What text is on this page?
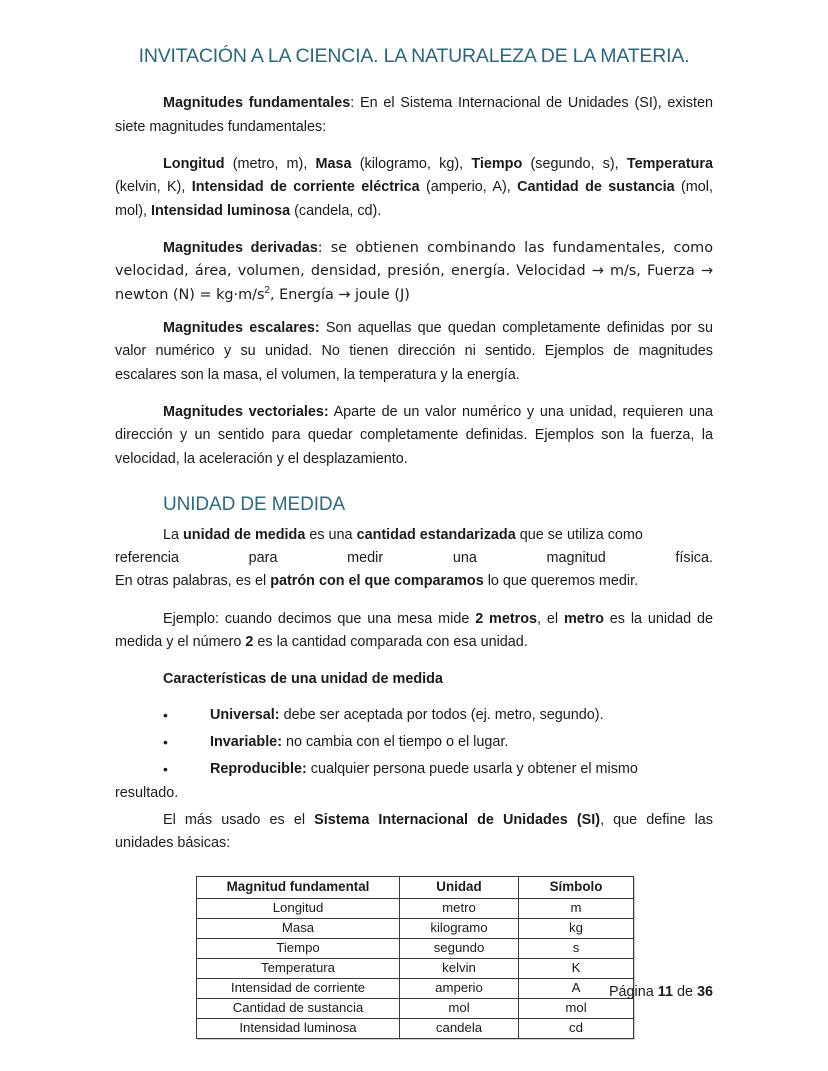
INVITACIÓN A LA CIENCIA. LA NATURALEZA DE LA MATERIA.

Magnitudes fundamentales: En el Sistema Internacional de Unidades (SI), existen siete magnitudes fundamentales:

Longitud (metro, m), Masa (kilogramo, kg), Tiempo (segundo, s), Temperatura (kelvin, K), Intensidad de corriente eléctrica (amperio, A), Cantidad de sustancia (mol, mol), Intensidad luminosa (candela, cd).

Magnitudes derivadas: se obtienen combinando las fundamentales, como velocidad, área, volumen, densidad, presión, energía. Velocidad → m/s, Fuerza → newton $(N) = kg\cdot m/s^2$, Energía → joule (J)

Magnitudes escalares: Son aquellas que quedan completamente definidas por su valor numérico y su unidad. No tienen dirección ni sentido. Ejemplos de magnitudes escalares son la masa, el volumen, la temperatura y la energía.

Magnitudes vectoriales: Aparte de un valor numérico y una unidad, requieren una dirección y un sentido para quedar completamente definidas. Ejemplos son la fuerza, la velocidad, la aceleración y el desplazamiento.

UNIDAD DE MEDIDA

La unidad de medida es una cantidad estandarizada que se utiliza como
referencia	para	medir	una	magnitud	física.
En otras palabras, es el patrón con el que comparamos lo que queremos medir.

Ejemplo: cuando decimos que una mesa mide 2 metros, el metro es la unidad de medida y el número 2 es la cantidad comparada con esa unidad.

Características de una unidad de medida
• Universal: debe ser aceptada por todos (ej. metro, segundo).
• Invariable: no cambia con el tiempo o el lugar.
• Reproducible: cualquier persona puede usarla y obtener el mismo
resultado.

El más usado es el Sistema Internacional de Unidades (SI), que define las unidades básicas:

Magnitud fundamental	Unidad	Símbolo
Longitud	metro	m
Masa	kilogramo	kg
Tiempo	segundo	s
Temperatura	kelvin	K
Intensidad de corriente	amperio	A
Cantidad de sustancia	mol	mol
Intensidad luminosa	candela	cd
Página 11 de 36
